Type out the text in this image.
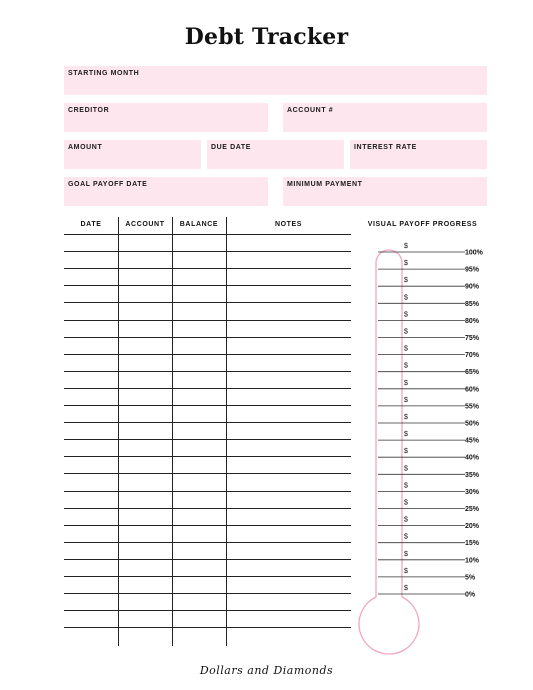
Debt Tracker
STARTING MONTH
CREDITOR	ACCOUNT #
AMOUNT	DUE DATE	INTEREST RATE
GOAL PAYOFF DATE	MINIMUM PAYMENT
DATE	ACCOUNT	BALANCE	NOTES	VISUAL PAYOFF PROGRESS
$
100%
$
95%
$
90%
$
85%
$
80%
$
75%
$
70%
$
65%
$
60%
$
55%
$
50%
$
45%
$
40%
$
35%
$
30%
$
25%
$
20%
$
15%
$
10%
$
5%
$
0%
Dollars and Diamonds
